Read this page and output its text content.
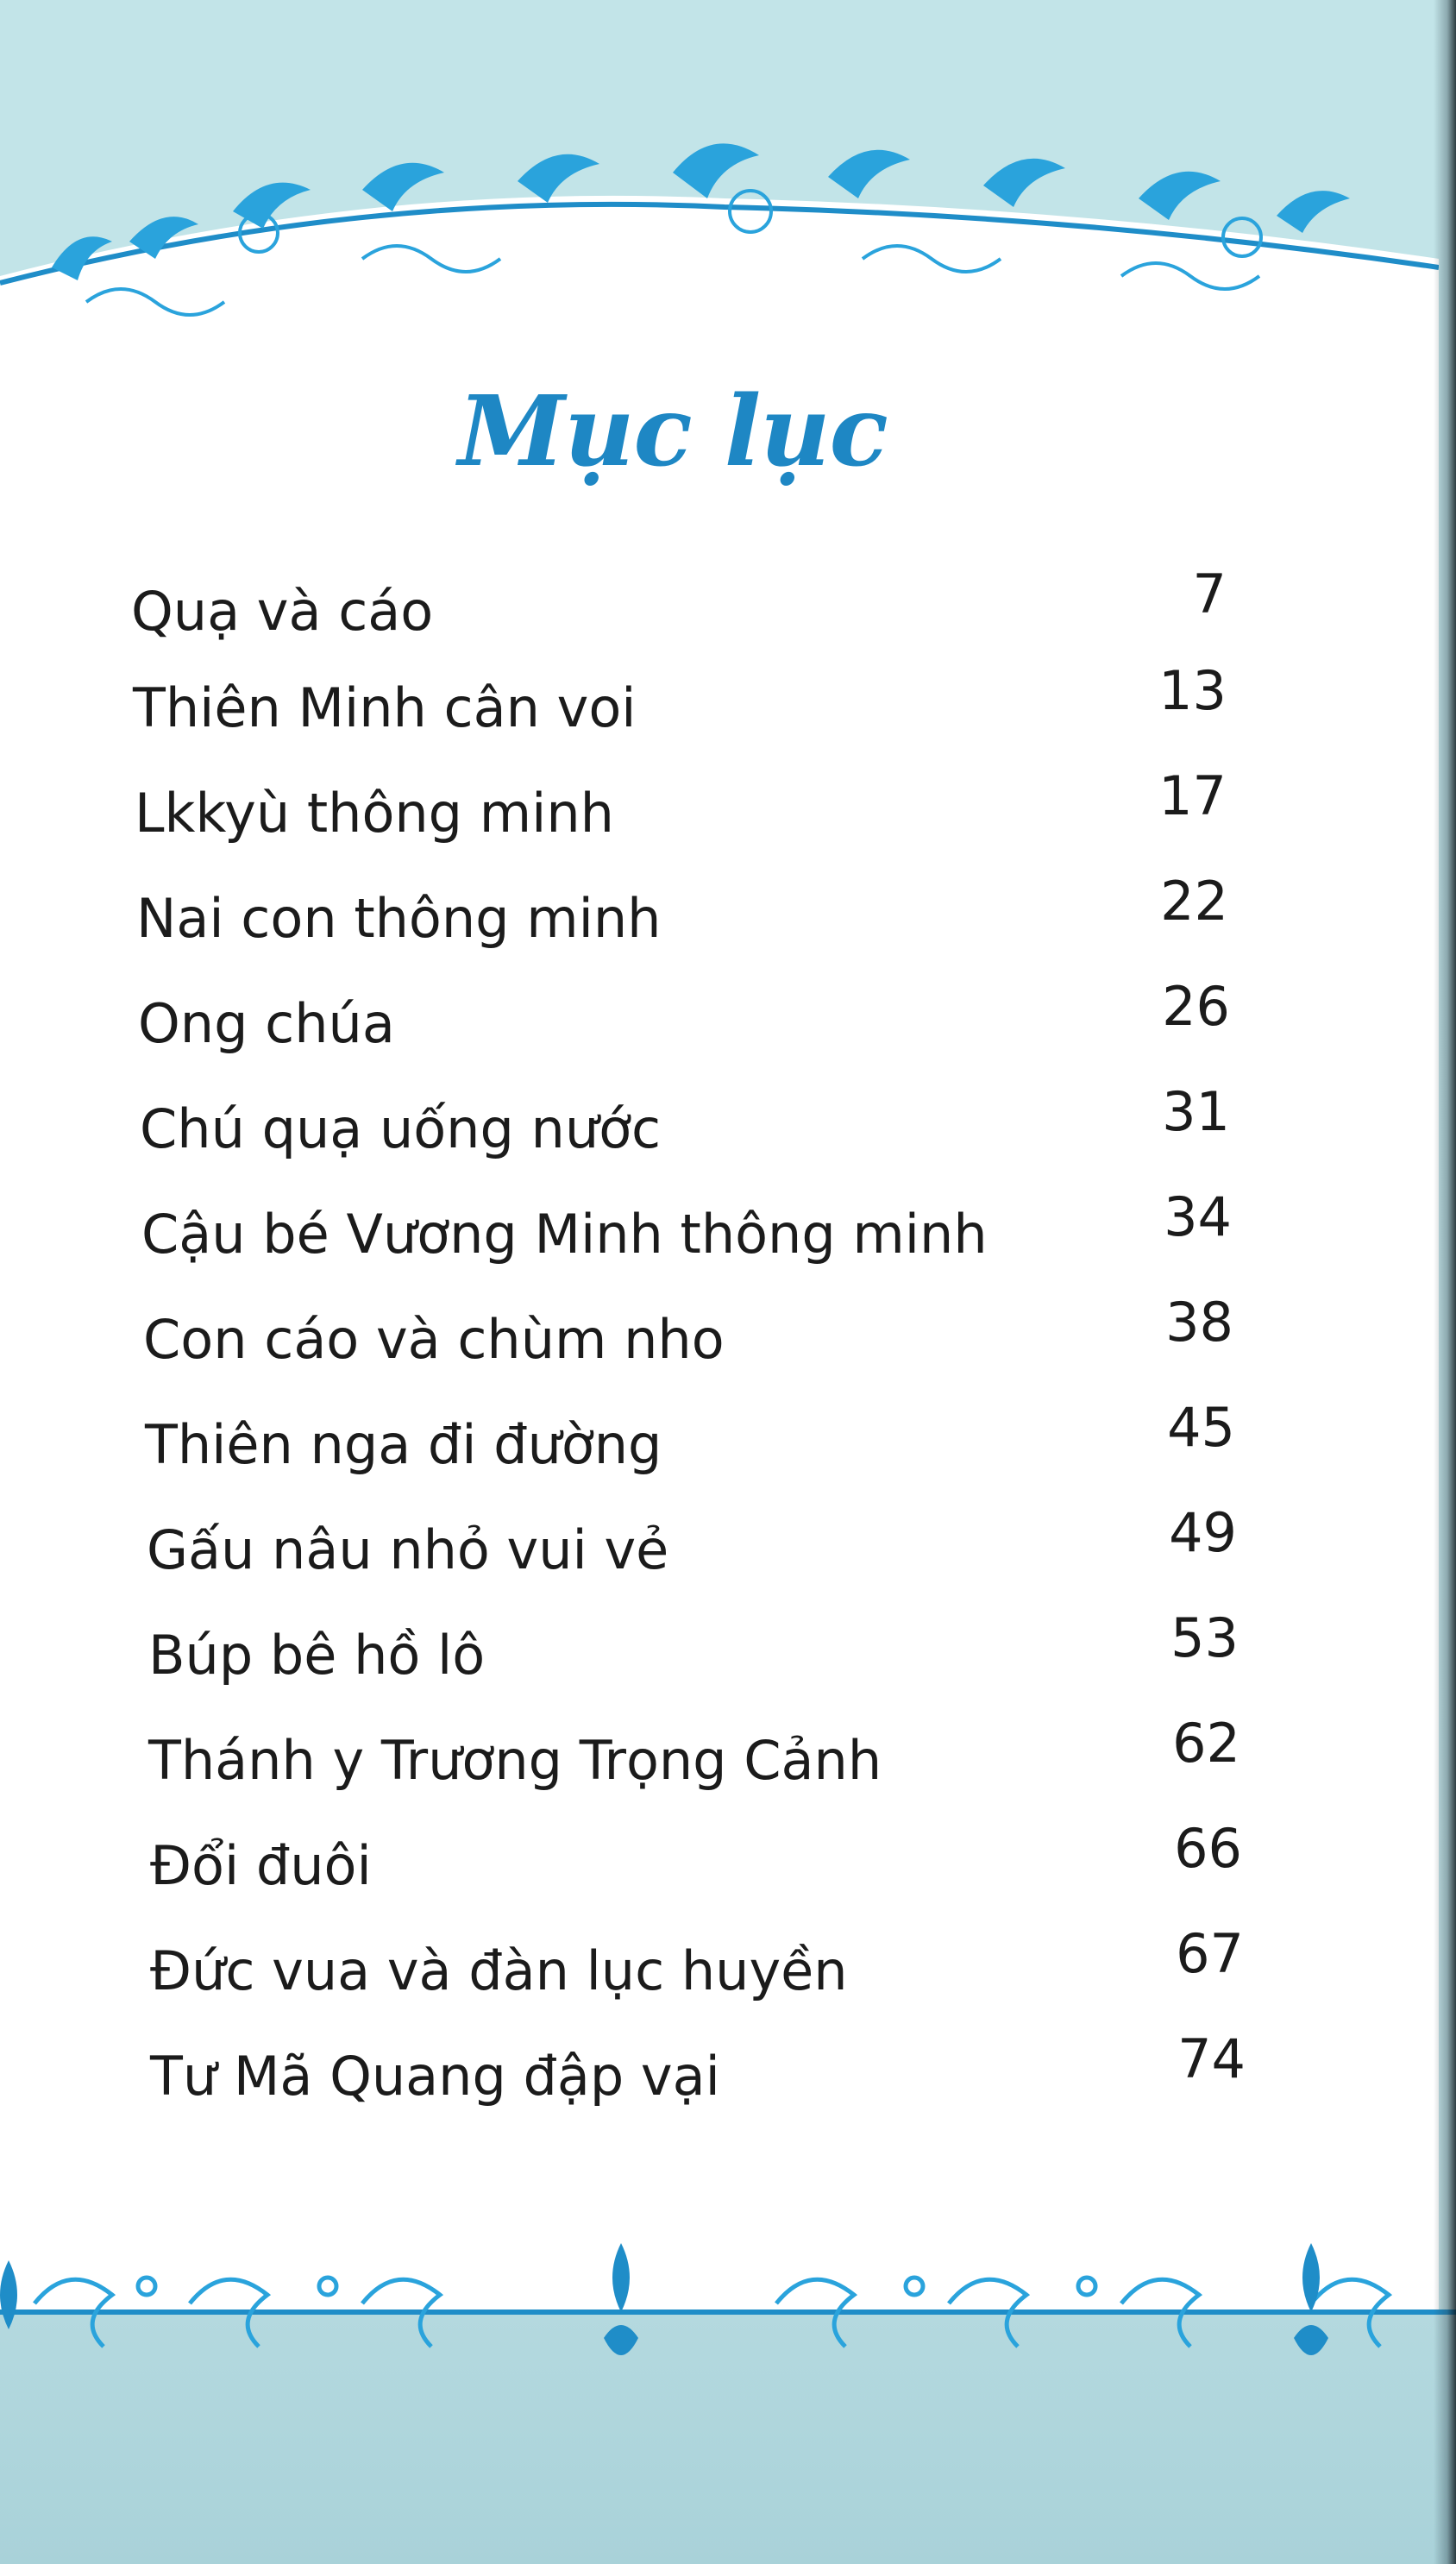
Mục lục
Quạ và cáo	7
Thiên Minh cân voi	13
Lkkyù thông minh	17
Nai con thông minh	22
Ong chúa	26
Chú quạ uống nước	31
Cậu bé Vương Minh thông minh	34
Con cáo và chùm nho	38
Thiên nga đi đường	45
Gấu nâu nhỏ vui vẻ	49
Búp bê hồ lô	53
Thánh y Trương Trọng Cảnh	62
Đổi đuôi	66
Đức vua và đàn lục huyền	67
Tư Mã Quang đập vại	74
